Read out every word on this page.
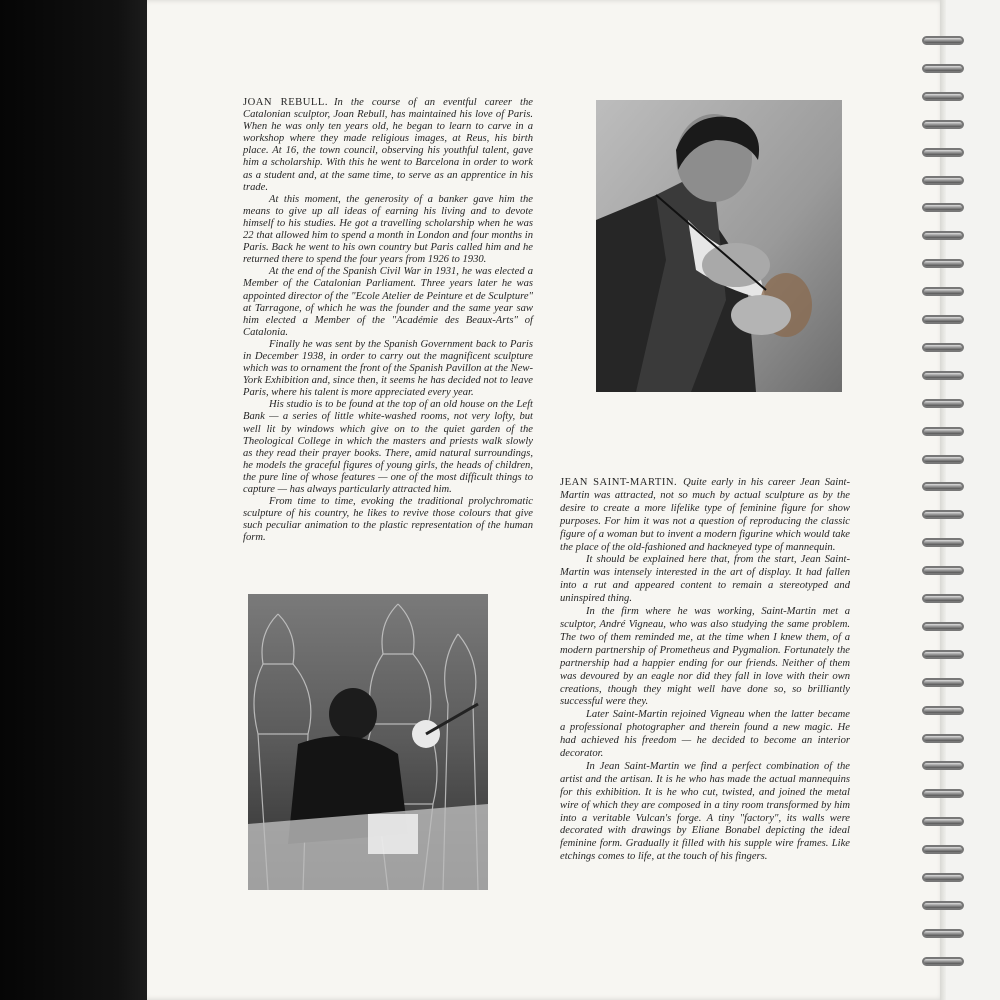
JOAN REBULL. In the course of an eventful career the Catalonian sculptor, Joan Rebull, has maintained his love of Paris. When he was only ten years old, he began to learn to carve in a workshop where they made religious images, at Reus, his birth place. At 16, the town council, observing his youthful talent, gave him a scholarship. With this he went to Barcelona in order to work as a student and, at the same time, to serve as an apprentice in his trade.

At this moment, the generosity of a banker gave him the means to give up all ideas of earning his living and to devote himself to his studies. He got a travelling scholarship when he was 22 that allowed him to spend a month in London and four months in Paris. Back he went to his own country but Paris called him and he returned there to spend the four years from 1926 to 1930.

At the end of the Spanish Civil War in 1931, he was elected a Member of the Catalonian Parliament. Three years later he was appointed director of the "Ecole Atelier de Peinture et de Sculpture" at Tarragone, of which he was the founder and the same year saw him elected a Member of the "Académie des Beaux-Arts" of Catalonia.

Finally he was sent by the Spanish Government back to Paris in December 1938, in order to carry out the magnificent sculpture which was to ornament the front of the Spanish Pavillon at the New-York Exhibition and, since then, it seems he has decided not to leave Paris, where his talent is more appreciated every year.

His studio is to be found at the top of an old house on the Left Bank — a series of little white-washed rooms, not very lofty, but well lit by windows which give on to the quiet garden of the Theological College in which the masters and priests walk slowly as they read their prayer books. There, amid natural surroundings, he models the graceful figures of young girls, the heads of children, the pure line of whose features — one of the most difficult things to capture — has always particularly attracted him.

From time to time, evoking the traditional prolychromatic sculpture of his country, he likes to revive those colours that give such peculiar animation to the plastic representation of the human form.

JEAN SAINT-MARTIN. Quite early in his career Jean Saint-Martin was attracted, not so much by actual sculpture as by the desire to create a more lifelike type of feminine figure for show purposes. For him it was not a question of reproducing the classic figure of a woman but to invent a modern figurine which would take the place of the old-fashioned and hackneyed type of mannequin.

It should be explained here that, from the start, Jean Saint-Martin was intensely interested in the art of display. It had fallen into a rut and appeared content to remain a stereotyped and uninspired thing.

In the firm where he was working, Saint-Martin met a sculptor, André Vigneau, who was also studying the same problem. The two of them reminded me, at the time when I knew them, of a modern partnership of Prometheus and Pygmalion. Fortunately the partnership had a happier ending for our friends. Neither of them was devoured by an eagle nor did they fall in love with their own creations, though they might well have done so, so brilliantly successful were they.

Later Saint-Martin rejoined Vigneau when the latter became a professional photographer and therein found a new magic. He had achieved his freedom — he decided to become an interior decorator.

In Jean Saint-Martin we find a perfect combination of the artist and the artisan. It is he who has made the actual mannequins for this exhibition. It is he who cut, twisted, and joined the metal wire of which they are composed in a tiny room transformed by him into a veritable Vulcan's forge. A tiny "factory", its walls were decorated with drawings by Eliane Bonabel depicting the ideal feminine form. Gradually it filled with his supple wire frames. Like etchings comes to life, at the touch of his fingers.
